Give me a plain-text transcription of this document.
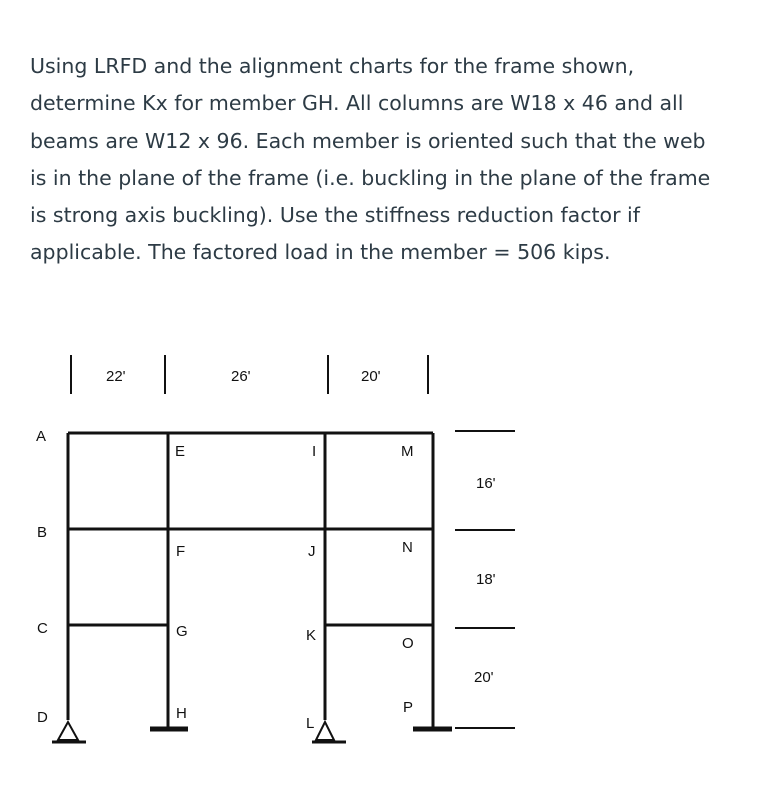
Using LRFD and the alignment charts for the frame shown,

determine Kx for member GH. All columns are W18 x 46 and all

beams are W12 x 96. Each member is oriented such that the web

is in the plane of the frame (i.e. buckling in the plane of the frame

is strong axis buckling). Use the stiffness reduction factor if

applicable. The factored load in the member = 506 kips.

22'	26'	20'
A
B
C
D
E
F
G
H
I
J
K
L
M
N
O
P
16'
18'
20'
